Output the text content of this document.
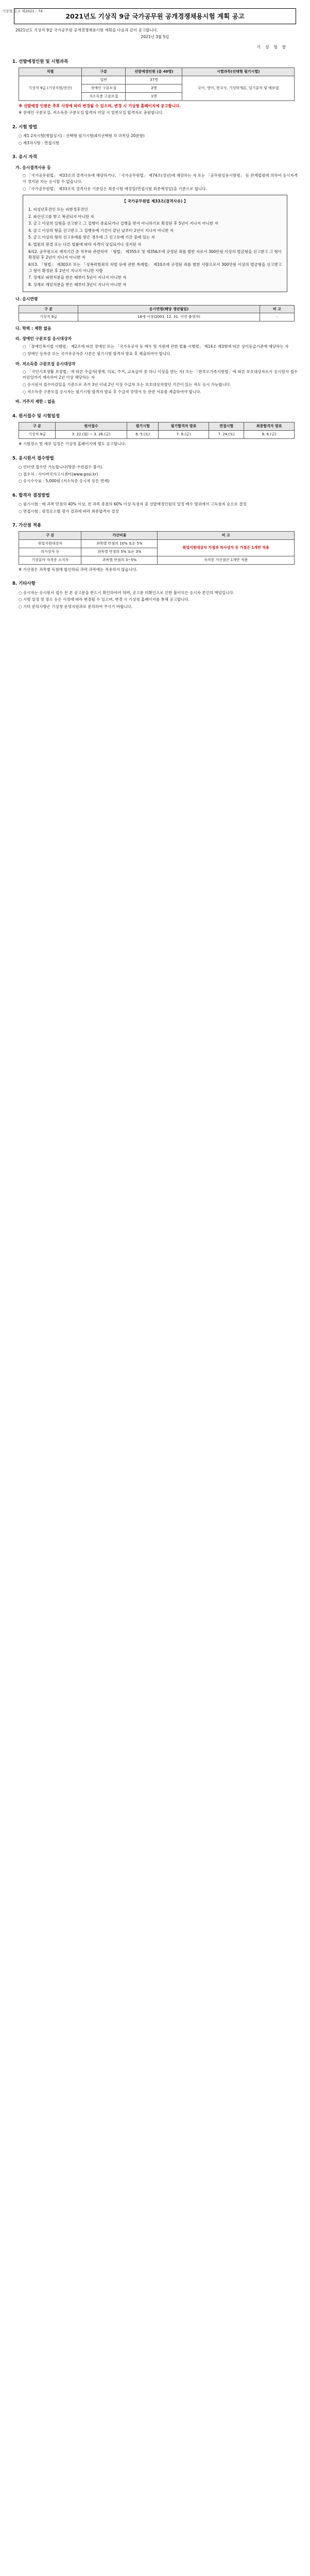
기상청 공고 제2021 - 74
2021년도 기상직 9급 국가공무원 공개경쟁채용시험 계획 공고
2021년도 기상직 9급 국가공무원 공개경쟁채용시험 계획을 다음과 같이 공고합니다.
2021년 3월 5일
기 상 청 장
1. 선발예정인원 및 시험과목
직렬	구분	선발예정인원 (총 40명)	시험과목(선택형 필기시험)
기상직 9급 (기상지원/전산)	일반	37명	국어, 영어, 한국사, 기상학개론, 일기분석 및 예보법
	장애인 구분모집	2명	
	저소득층 구분모집	1명	
※ 선발예정 인원은 추후 사정에 따라 변경될 수 있으며, 변경 시 기상청 홈페이지에 공고합니다.
※ 장애인 구분모집, 저소득층 구분모집 합격자 미달 시 일반모집 합격자로 충원합니다.
2. 시험 방법
○ 제1·2차시험(병합실시) : 선택형 필기시험(4지선택형 각 과목당 20문항)
○ 제3차시험 : 면접시험
3. 응시 자격
가. 응시결격사유 등
○ 「국가공무원법」 제33조의 결격사유에 해당하거나, 「국가공무원법」 제74조(정년)에 해당하는 자 또는 「공무원임용시험령」 등 관계법령에 의하여 응시자격이 정지된 자는 응시할 수 없습니다.
○ 「국가공무원법」 제33조의 결격사유 기준일은 최종시험 예정일(면접시험 최종예정일)을 기준으로 합니다.
【 국가공무원법 제33조(결격사유) 】

1. 피성년후견인 또는 피한정후견인

2. 파산선고를 받고 복권되지 아니한 자

3. 금고 이상의 실형을 선고받고 그 집행이 종료되거나 집행을 받지 아니하기로 확정된 후 5년이 지나지 아니한 자

4. 금고 이상의 형을 선고받고 그 집행유예 기간이 끝난 날부터 2년이 지나지 아니한 자

5. 금고 이상의 형의 선고유예를 받은 경우에 그 선고유예 기간 중에 있는 자

6. 법원의 판결 또는 다른 법률에 따라 자격이 상실되거나 정지된 자

6의2. 공무원으로 재직기간 중 직무와 관련하여 「형법」 제355조 및 제356조에 규정된 죄를 범한 자로서 300만원 이상의 벌금형을 선고받고 그 형이 확정된 후 2년이 지나지 아니한 자

6의3. 「형법」 제303조 또는 「성폭력범죄의 처벌 등에 관한 특례법」 제10조에 규정된 죄를 범한 사람으로서 300만원 이상의 벌금형을 선고받고 그 형이 확정된 후 2년이 지나지 아니한 사람

7. 징계로 파면처분을 받은 때부터 5년이 지나지 아니한 자

8. 징계로 해임처분을 받은 때부터 3년이 지나지 아니한 자

나. 응시연령
구 분	응시연령(해당 생년월일)	비 고
기상직 9급	18세 이상(2003. 12. 31. 이전 출생자)	-
다. 학력 : 제한 없음
라. 장애인 구분모집 응시대상자
○ 「장애인복지법 시행령」 제2조에 따른 장애인 또는 「국가유공자 등 예우 및 지원에 관한 법률 시행령」 제14조 제3항에 따른 상이등급기준에 해당하는 자
○ 장애인 등록증 또는 국가유공자증 사본은 필기시험 합격자 발표 후 제출하여야 합니다.
마. 저소득층 구분모집 응시대상자
○ 「국민기초생활 보장법」에 따른 수급자(생계, 의료, 주거, 교육급여 중 하나 이상을 받는 자) 또는 「한부모가족지원법」에 따른 보호대상자로서 응시원서 접수마감일까지 계속하여 2년 이상 해당하는 자
○ 응시원서 접수마감일을 기준으로 과거 3년 이내 2년 이상 수급자 또는 보호대상자였던 기간이 있는 자도 응시 가능합니다.
○ 저소득층 구분모집 응시자는 필기시험 합격자 발표 후 수급자 증명서 등 관련 서류를 제출하여야 합니다.
바. 거주지 제한 : 없음
4. 원서접수 및 시험일정
구 분	원서접수	필기시험	필기합격자 발표	면접시험	최종합격자 발표
기상직 9급	3. 22.(월) ~ 3. 26.(금)	6. 5.(토)	7. 9.(금)	7. 24.(토)	8. 6.(금)
※ 시험장소 및 세부 일정은 기상청 홈페이지에 별도 공고합니다.
5. 응시원서 접수방법
○ 인터넷 접수만 가능합니다(방문·우편접수 불가).
○ 접수처 : 사이버국가고시센터(www.gosi.kr)
○ 응시수수료 : 5,000원 (저소득층 응시자 등은 면제)
6. 합격자 결정방법
○ 필기시험 : 매 과목 만점의 40% 이상, 전 과목 총점의 60% 이상 득점자 중 선발예정인원의 일정 배수 범위에서 고득점자 순으로 결정
○ 면접시험 : 평정요소별 평가 결과에 따라 최종합격자 결정
7. 가산점 적용
구 분	가산비율	비 고
취업지원대상자	과목별 만점의 10% 또는 5%	취업지원대상자 가점과 의사상자 등 가점은 1개만 적용
의사상자 등	과목별 만점의 5% 또는 3%	
기상분야 자격증 소지자	과목별 만점의 3~5%	자격증 가산점은 1개만 적용
※ 가산점은 과목별 득점에 합산하되 과락 과목에는 적용하지 않습니다.
8. 기타사항
○ 응시자는 응시원서 접수 전 본 공고문을 반드시 확인하여야 하며, 공고문 미확인으로 인한 불이익은 응시자 본인의 책임입니다.
○ 시험 일정 및 장소 등은 사정에 따라 변경될 수 있으며, 변경 시 기상청 홈페이지를 통해 공고합니다.
○ 기타 문의사항은 기상청 운영지원과로 문의하여 주시기 바랍니다.
